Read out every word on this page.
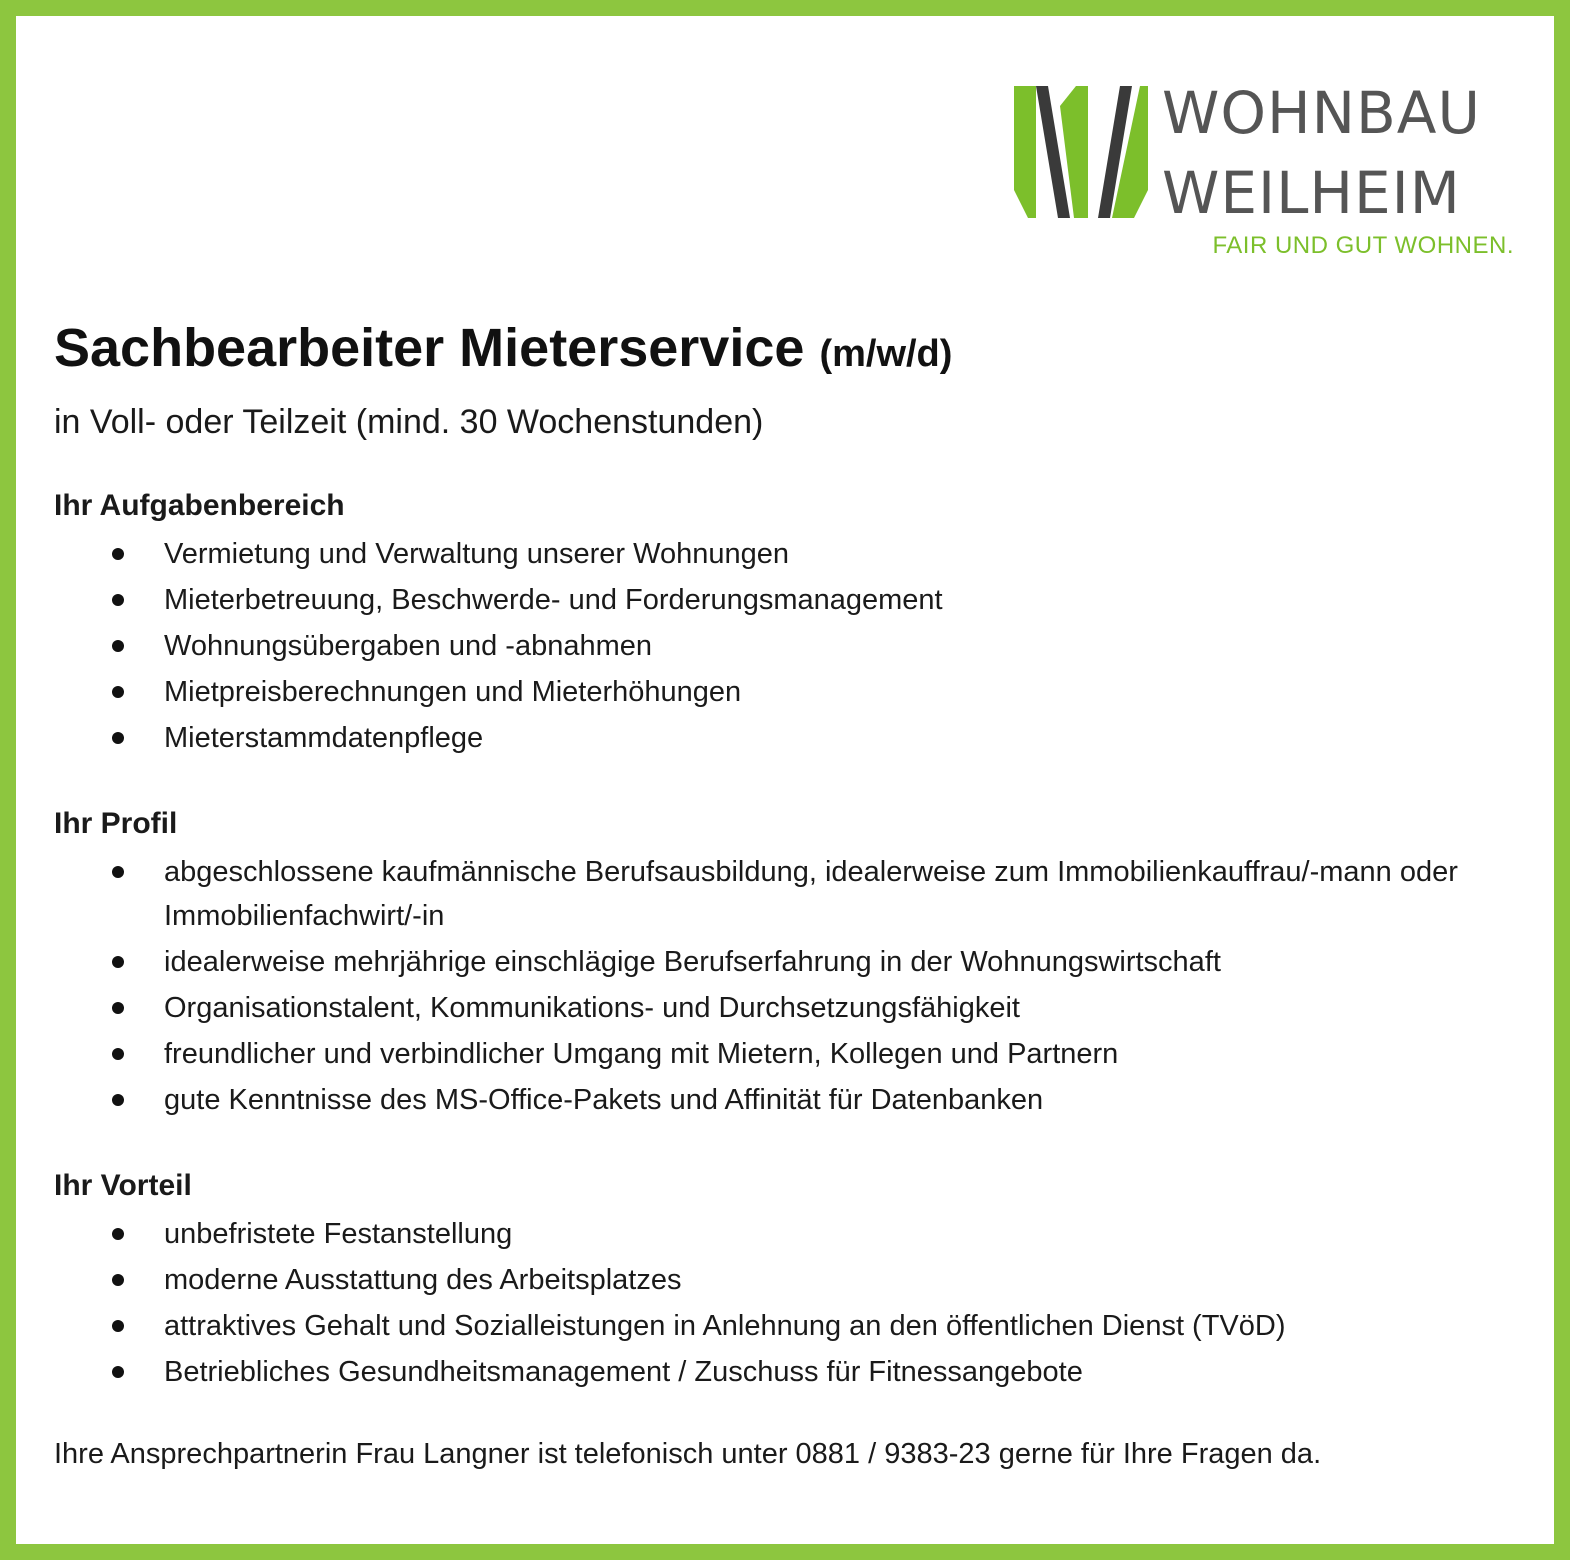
WOHNBAU
WEILHEIM
FAIR UND GUT WOHNEN.
Sachbearbeiter Mieterservice (m/w/d)

in Voll- oder Teilzeit (mind. 30 Wochenstunden)

Ihr Aufgabenbereich
Vermietung und Verwaltung unserer Wohnungen
Mieterbetreuung, Beschwerde- und Forderungsmanagement
Wohnungsübergaben und -abnahmen
Mietpreisberechnungen und Mieterhöhungen
Mieterstammdatenpflege
Ihr Profil
abgeschlossene kaufmännische Berufsausbildung, idealerweise zum Immobilienkauffrau/-mann oder Immobilienfachwirt/-in
idealerweise mehrjährige einschlägige Berufserfahrung in der Wohnungswirtschaft
Organisationstalent, Kommunikations- und Durchsetzungsfähigkeit
freundlicher und verbindlicher Umgang mit Mietern, Kollegen und Partnern
gute Kenntnisse des MS-Office-Pakets und Affinität für Datenbanken
Ihr Vorteil
unbefristete Festanstellung
moderne Ausstattung des Arbeitsplatzes
attraktives Gehalt und Sozialleistungen in Anlehnung an den öffentlichen Dienst (TVöD)
Betriebliches Gesundheitsmanagement / Zuschuss für Fitnessangebote

Ihre Ansprechpartnerin Frau Langner ist telefonisch unter 0881 / 9383-23 gerne für Ihre Fragen da.
